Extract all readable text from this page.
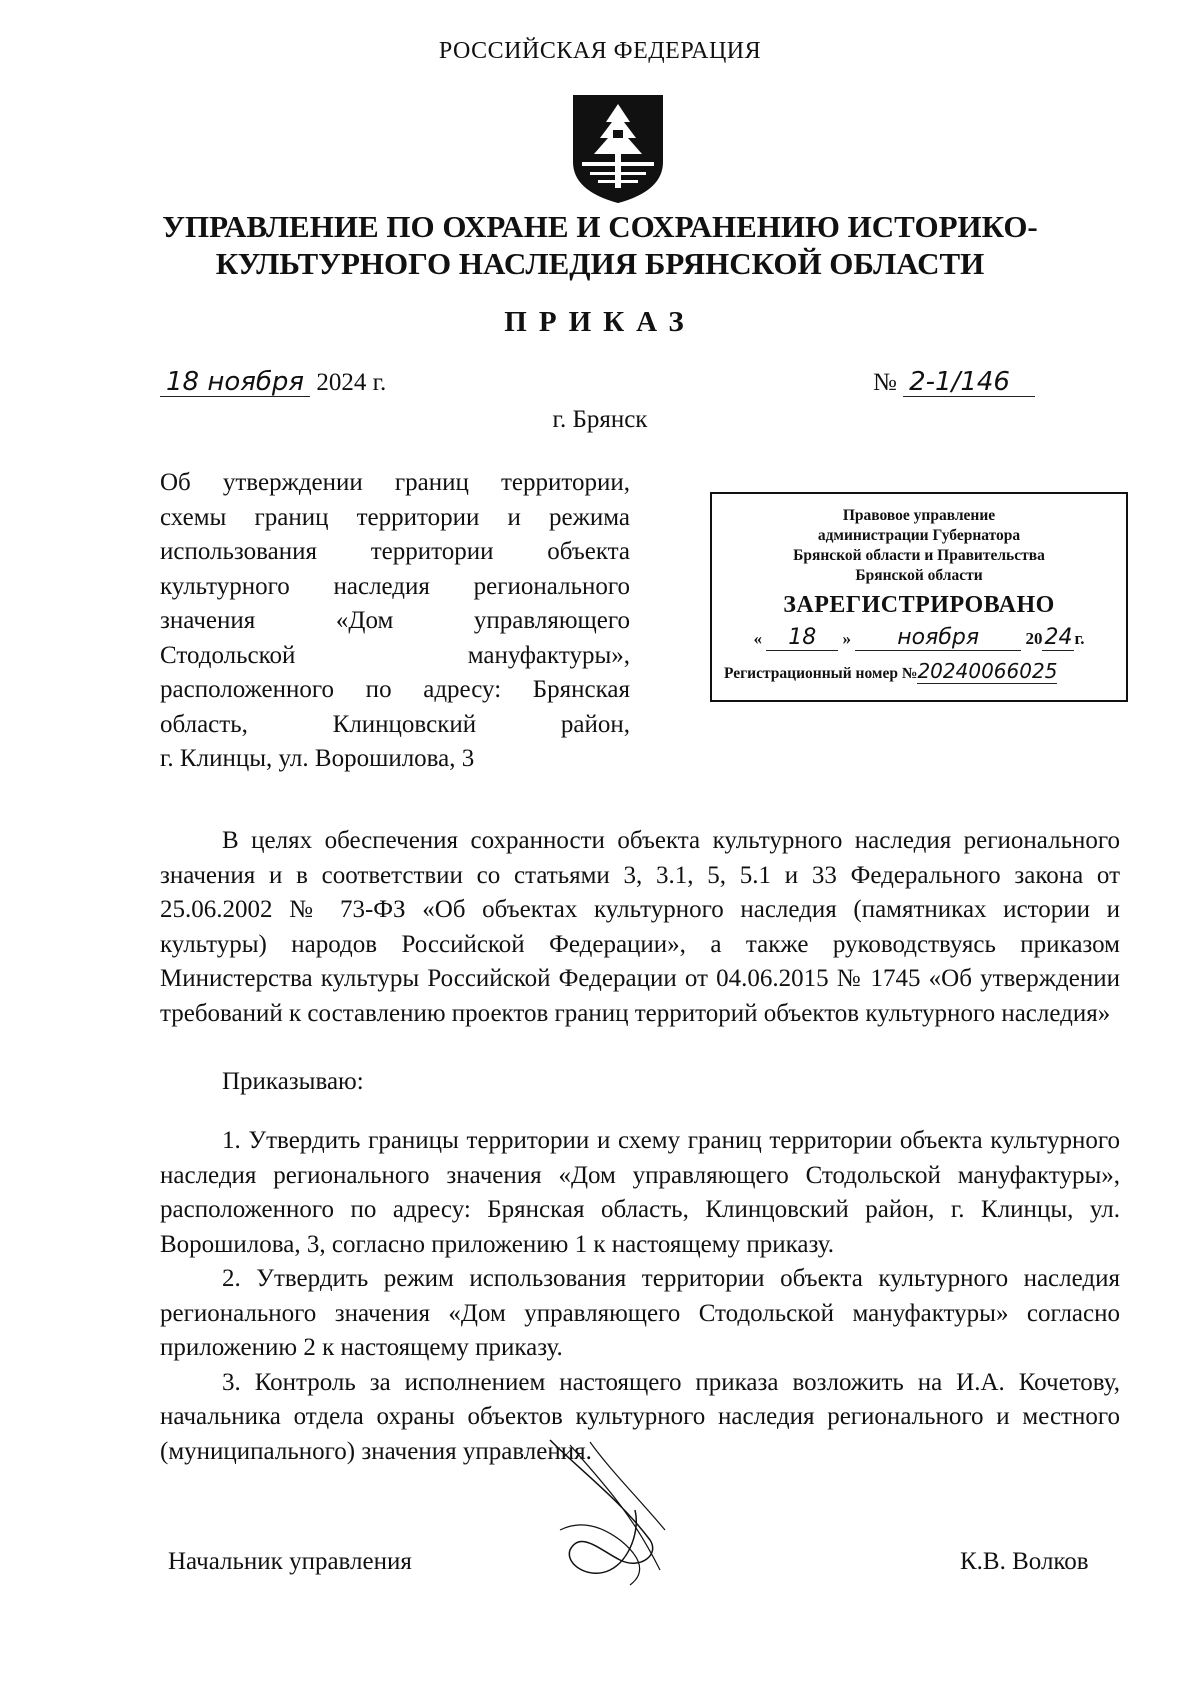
РОССИЙСКАЯ ФЕДЕРАЦИЯ
УПРАВЛЕНИЕ ПО ОХРАНЕ И СОХРАНЕНИЮ ИСТОРИКО-
КУЛЬТУРНОГО НАСЛЕДИЯ БРЯНСКОЙ ОБЛАСТИ
ПРИКАЗ
18 ноября 2024 г.	№ 2-1/146
г. Брянск
Об утверждении границ территории,
схемы границ территории и режима
использования территории объекта
культурного наследия регионального
значения «Дом управляющего
Стодольской мануфактуры»,
расположенного по адресу: Брянская
область, Клинцовский район,
г. Клинцы, ул. Ворошилова, 3
Правовое управление
администрации Губернатора
Брянской области и Правительства
Брянской области
ЗАРЕГИСТРИРОВАНО
« 18 » ноября	2024 г.
Регистрационный номер №20240066025

В целях обеспечения сохранности объекта культурного наследия регионального значения и в соответствии со статьями 3, 3.1, 5, 5.1 и 33 Федерального закона от 25.06.2002 № 73-ФЗ «Об объектах культурного наследия (памятниках истории и культуры) народов Российской Федерации», а также руководствуясь приказом Министерства культуры Российской Федерации от 04.06.2015 № 1745 «Об утверждении требований к составлению проектов границ территорий объектов культурного наследия»

Приказываю:

1. Утвердить границы территории и схему границ территории объекта культурного наследия регионального значения «Дом управляющего Стодольской мануфактуры», расположенного по адресу: Брянская область, Клинцовский район, г. Клинцы, ул. Ворошилова, 3, согласно приложению 1 к настоящему приказу.

2. Утвердить режим использования территории объекта культурного наследия регионального значения «Дом управляющего Стодольской мануфактуры» согласно приложению 2 к настоящему приказу.

3. Контроль за исполнением настоящего приказа возложить на И.А. Кочетову, начальника отдела охраны объектов культурного наследия регионального и местного (муниципального) значения управления.

Начальник управления	К.В. Волков
